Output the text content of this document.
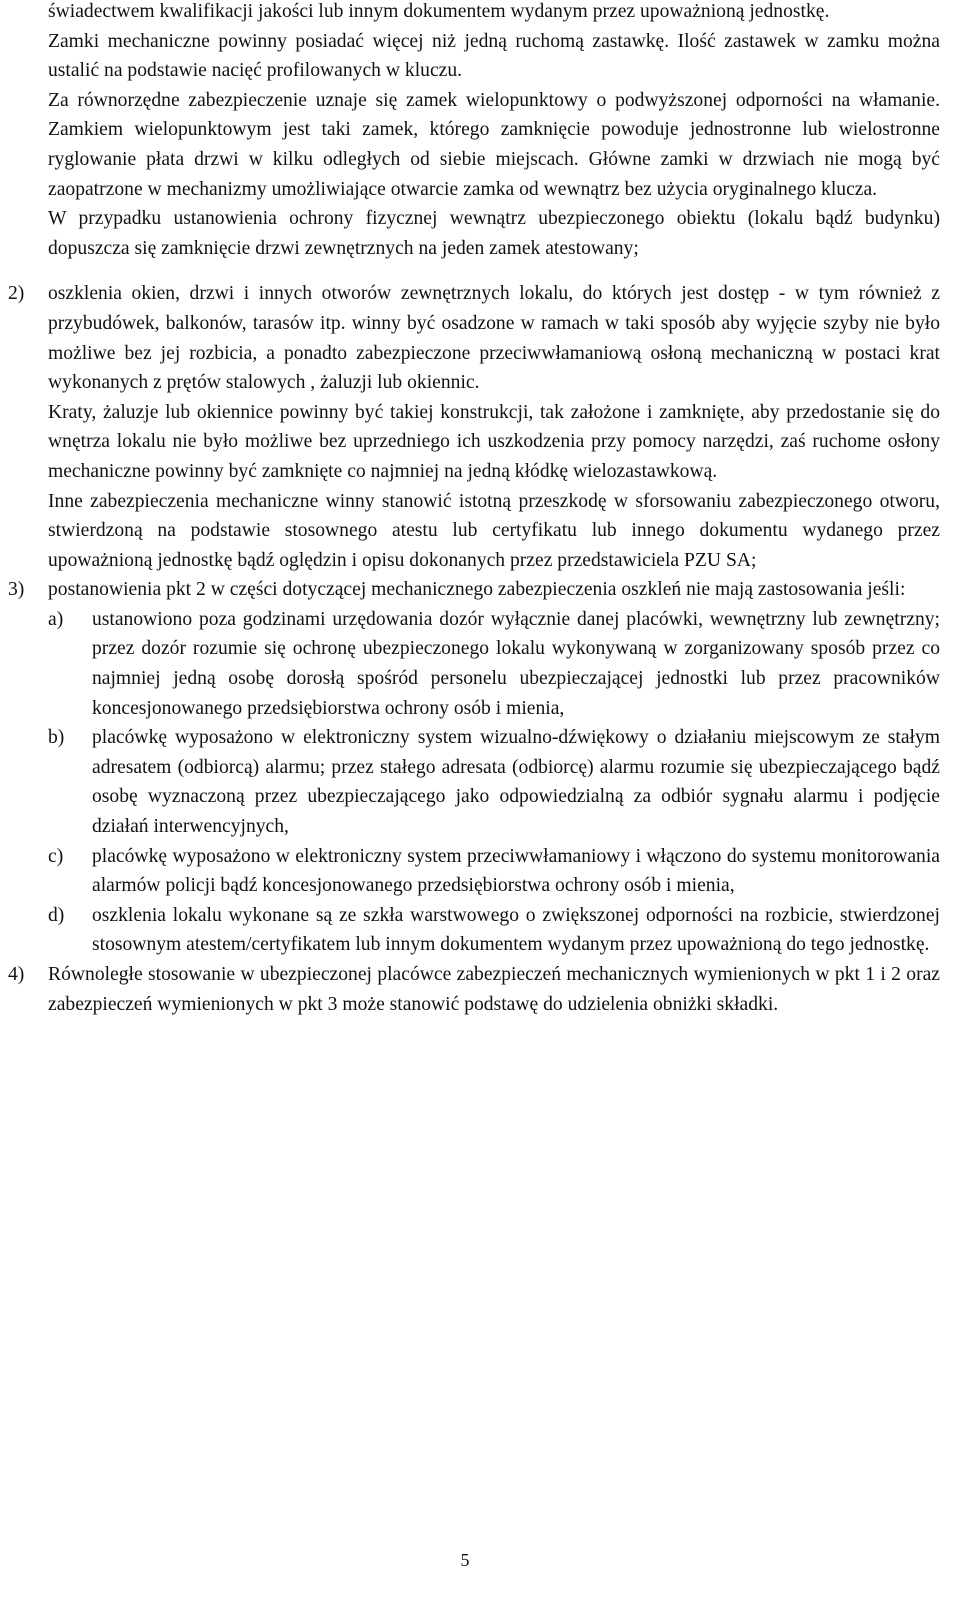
świadectwem kwalifikacji jakości lub innym dokumentem wydanym przez upoważnioną jednostkę.

Zamki mechaniczne powinny posiadać więcej niż jedną ruchomą zastawkę. Ilość zastawek w zamku można ustalić na podstawie nacięć profilowanych w kluczu.

Za równorzędne zabezpieczenie uznaje się zamek wielopunktowy o podwyższonej odporności na włamanie. Zamkiem wielopunktowym jest taki zamek, którego zamknięcie powoduje jednostronne lub wielostronne ryglowanie płata drzwi w kilku odległych od siebie miejscach. Główne zamki w drzwiach nie mogą być zaopatrzone w mechanizmy umożliwiające otwarcie zamka od wewnątrz bez użycia oryginalnego klucza.

W przypadku ustanowienia ochrony fizycznej wewnątrz ubezpieczonego obiektu (lokalu bądź budynku) dopuszcza się zamknięcie drzwi zewnętrznych na jeden zamek atestowany;

2)	oszklenia okien, drzwi i innych otworów zewnętrznych lokalu, do których jest dostęp - w tym również z przybudówek, balkonów, tarasów itp. winny być osadzone w ramach w taki sposób aby wyjęcie szyby nie było możliwe bez jej rozbicia, a ponadto zabezpieczone przeciwwłamaniową osłoną mechaniczną w postaci krat wykonanych z prętów stalowych , żaluzji lub okiennic.
Kraty, żaluzje lub okiennice powinny być takiej konstrukcji, tak założone i zamknięte, aby przedostanie się do wnętrza lokalu nie było możliwe bez uprzedniego ich uszkodzenia przy pomocy narzędzi, zaś ruchome osłony mechaniczne powinny być zamknięte co najmniej na jedną kłódkę wielozastawkową.
Inne zabezpieczenia mechaniczne winny stanowić istotną przeszkodę w sforsowaniu zabezpieczonego otworu, stwierdzoną na podstawie stosownego atestu lub certyfikatu lub innego dokumentu wydanego przez upoważnioną jednostkę bądź oględzin i opisu dokonanych przez przedstawiciela PZU SA;
3)	postanowienia pkt 2 w części dotyczącej mechanicznego zabezpieczenia oszkleń nie mają zastosowania jeśli:
a)	ustanowiono poza godzinami urzędowania dozór wyłącznie danej placówki, wewnętrzny lub zewnętrzny; przez dozór rozumie się ochronę ubezpieczonego lokalu wykonywaną w zorganizowany sposób przez co najmniej jedną osobę dorosłą spośród personelu ubezpieczającej jednostki lub przez pracowników koncesjonowanego przedsiębiorstwa ochrony osób i mienia,
b)	placówkę wyposażono w elektroniczny system wizualno-dźwiękowy o działaniu miejscowym ze stałym adresatem (odbiorcą) alarmu; przez stałego adresata (odbiorcę) alarmu rozumie się ubezpieczającego bądź osobę wyznaczoną przez ubezpieczającego jako odpowiedzialną za odbiór sygnału alarmu i podjęcie działań interwencyjnych,
c)	placówkę wyposażono w elektroniczny system przeciwwłamaniowy i włączono do systemu monitorowania alarmów policji bądź koncesjonowanego przedsiębiorstwa ochrony osób i mienia,
d)	oszklenia lokalu wykonane są ze szkła warstwowego o zwiększonej odporności na rozbicie, stwierdzonej stosownym atestem/certyfikatem lub innym dokumentem wydanym przez upoważnioną do tego jednostkę.
4)	Równoległe stosowanie w ubezpieczonej placówce zabezpieczeń mechanicznych wymienionych w pkt 1 i 2 oraz zabezpieczeń wymienionych w pkt 3 może stanowić podstawę do udzielenia obniżki składki.
5
